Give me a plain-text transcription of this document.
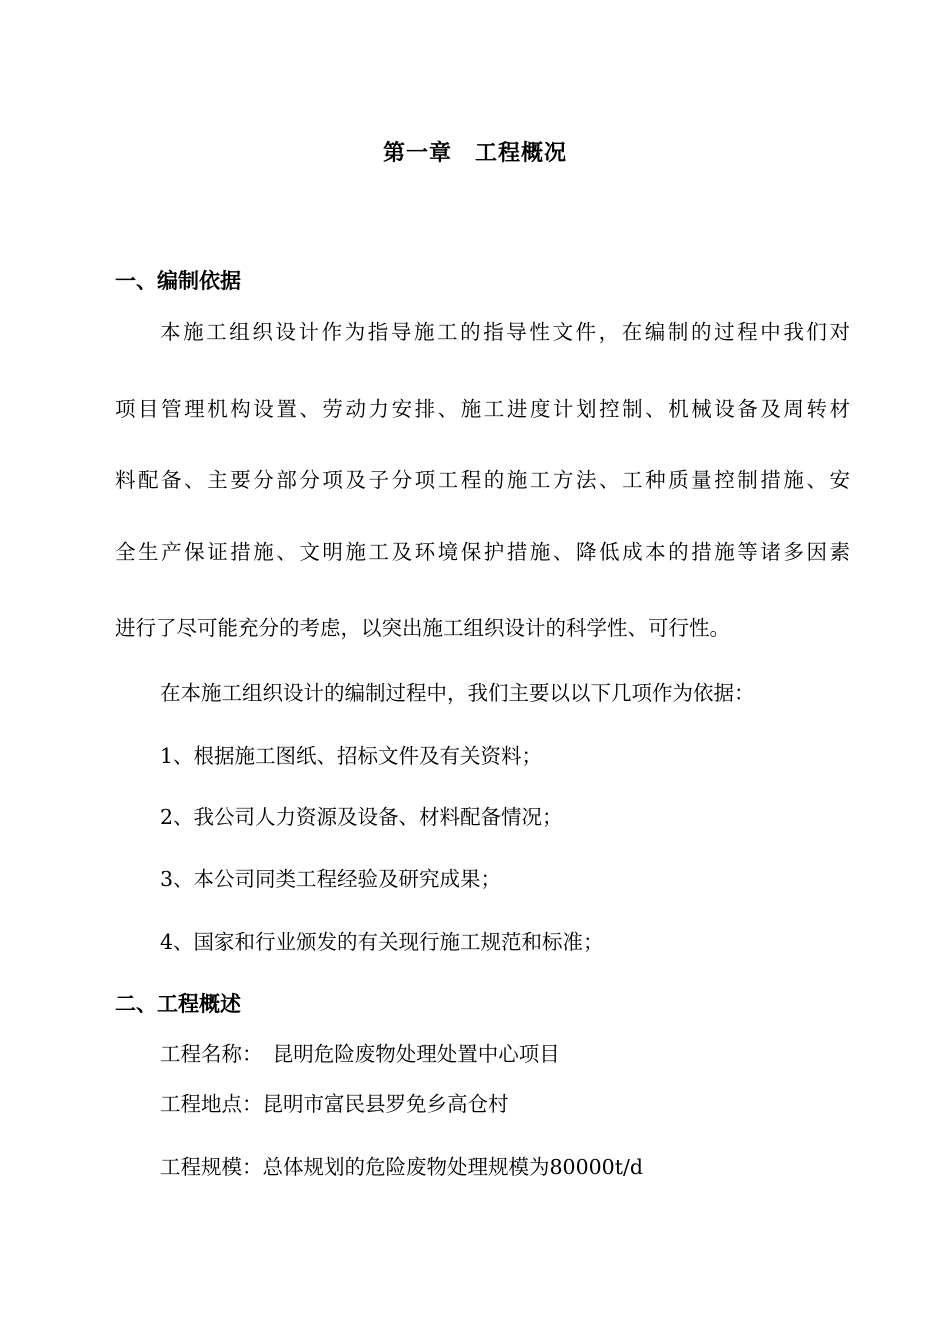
第一章　工程概况
一、编制依据
本施工组织设计作为指导施工的指导性文件，在编制的过程中我们对
项目管理机构设置、劳动力安排、施工进度计划控制、机械设备及周转材
料配备、主要分部分项及子分项工程的施工方法、工种质量控制措施、安
全生产保证措施、文明施工及环境保护措施、降低成本的措施等诸多因素
进行了尽可能充分的考虑，以突出施工组织设计的科学性、可行性。
在本施工组织设计的编制过程中，我们主要以以下几项作为依据：
1、根据施工图纸、招标文件及有关资料；
2、我公司人力资源及设备、材料配备情况；
3、本公司同类工程经验及研究成果；
4、国家和行业颁发的有关现行施工规范和标准；
二、工程概述
工程名称：　昆明危险废物处理处置中心项目
工程地点：昆明市富民县罗免乡高仓村
工程规模：总体规划的危险废物处理规模为80000t/d
